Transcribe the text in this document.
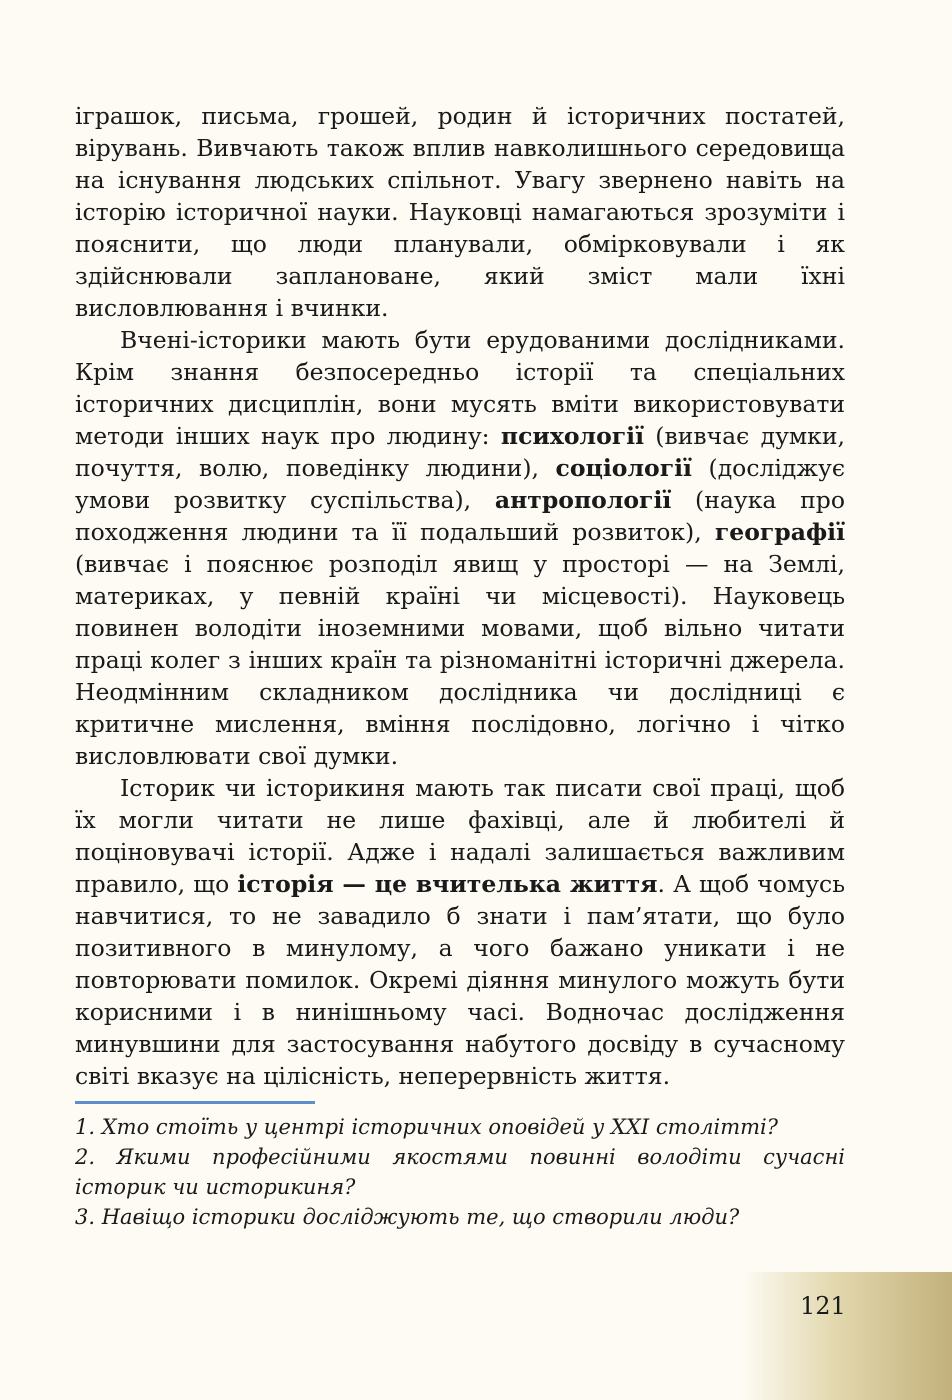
іграшок, письма, грошей, родин й історичних постатей, вірувань. Вивчають також вплив навколишнього середовища на існування людських спільнот. Увагу звернено навіть на історію історичної науки. Науковці намагаються зрозуміти і пояснити, що люди планували, обмірковували і як здійснювали заплановане, який зміст мали їхні висловлювання і вчинки.

Вчені-історики мають бути ерудованими дослідниками. Крім знання безпосередньо історії та спеціальних історичних дисциплін, вони мусять вміти використовувати методи інших наук про людину: психології (вивчає думки, почуття, волю, поведінку людини), соціології (досліджує умови розвитку суспільства), антропології (наука про походження людини та її подальший розвиток), географії (вивчає і пояснює розподіл явищ у просторі — на Землі, материках, у певній країні чи місцевості). Науковець повинен володіти іноземними мовами, щоб вільно читати праці колег з інших країн та різноманітні історичні джерела. Неодмінним складником дослідника чи дослідниці є критичне мислення, вміння послідовно, логічно і чітко висловлювати свої думки.

Історик чи історикиня мають так писати свої праці, щоб їх могли читати не лише фахівці, але й любителі й поціновувачі історії. Адже і надалі залишається важливим правило, що історія — це вчителька життя. А щоб чомусь навчитися, то не завадило б знати і пам’ятати, що було позитивного в минулому, а чого бажано уникати і не повторювати помилок. Окремі діяння минулого можуть бути корисними і в нинішньому часі. Водночас дослідження минувшини для застосування набутого досвіду в сучасному світі вказує на цілісність, неперервність життя.

1. Хто стоїть у центрі історичних оповідей у XXI столітті?

2. Якими професійними якостями повинні володіти сучасні історик чи историкиня?

3. Навіщо історики досліджують те, що створили люди?

121
